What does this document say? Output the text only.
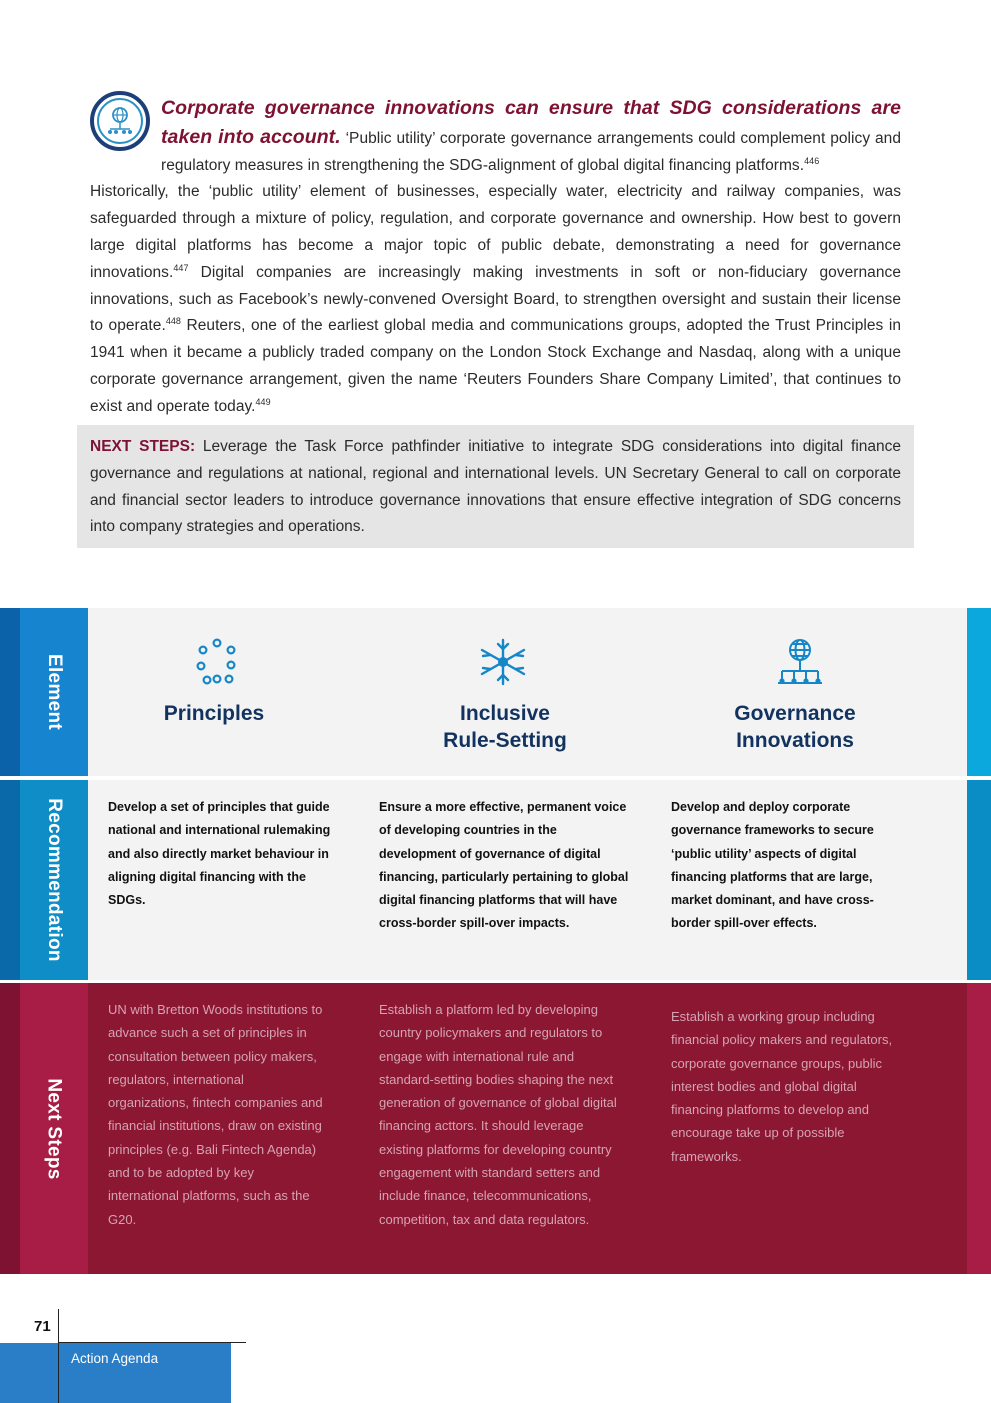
Corporate governance innovations can ensure that SDG considerations are taken into account. ‘Public utility’ corporate governance arrangements could complement policy and regulatory measures in strengthening the SDG-alignment of global digital financing platforms.$^{446}$
Historically, the ‘public utility’ element of businesses, especially water, electricity and railway companies, was safeguarded through a mixture of policy, regulation, and corporate governance and ownership. How best to govern large digital platforms has become a major topic of public debate, demonstrating a need for governance innovations.$^{447}$ Digital companies are increasingly making investments in soft or non-fiduciary governance innovations, such as Facebook’s newly-convened Oversight Board, to strengthen oversight and sustain their license to operate.$^{448}$ Reuters, one of the earliest global media and communications groups, adopted the Trust Principles in 1941 when it became a publicly traded company on the London Stock Exchange and Nasdaq, along with a unique corporate governance arrangement, given the name ‘Reuters Founders Share Company Limited’, that continues to exist and operate today.$^{449}$

NEXT STEPS: Leverage the Task Force pathfinder initiative to integrate SDG considerations into digital finance governance and regulations at national, regional and international levels. UN Secretary General to call on corporate and financial sector leaders to introduce governance innovations that ensure effective integration of SDG concerns into company strategies and operations.
Element
Recommendation
Next Steps
Principles	Inclusive
Rule-Setting
Governance
Innovations
Develop a set of principles that guide national and international rulemaking and also directly market behaviour in aligning digital financing with the SDGs.
Ensure a more effective, permanent voice of developing countries in the development of governance of digital financing, particularly pertaining to global digital financing platforms that will have cross-border spill-over impacts.
Develop and deploy corporate governance frameworks to secure ‘public utility’ aspects of digital financing platforms that are large, market dominant, and have cross-border spill-over effects.
UN with Bretton Woods institutions to advance such a set of principles in consultation between policy makers, regulators, international organizations, fintech companies and financial institutions, draw on existing principles (e.g. Bali Fintech Agenda) and to be adopted by key international platforms, such as the G20.
Establish a platform led by developing country policymakers and regulators to engage with international rule and standard-setting bodies shaping the next generation of governance of global digital financing acttors. It should leverage existing platforms for developing country engagement with standard setters and include finance, telecommunications, competition, tax and data regulators.
Establish a working group including financial policy makers and regulators, corporate governance groups, public interest bodies and global digital financing platforms to develop and encourage take up of possible frameworks.
71
Action Agenda
